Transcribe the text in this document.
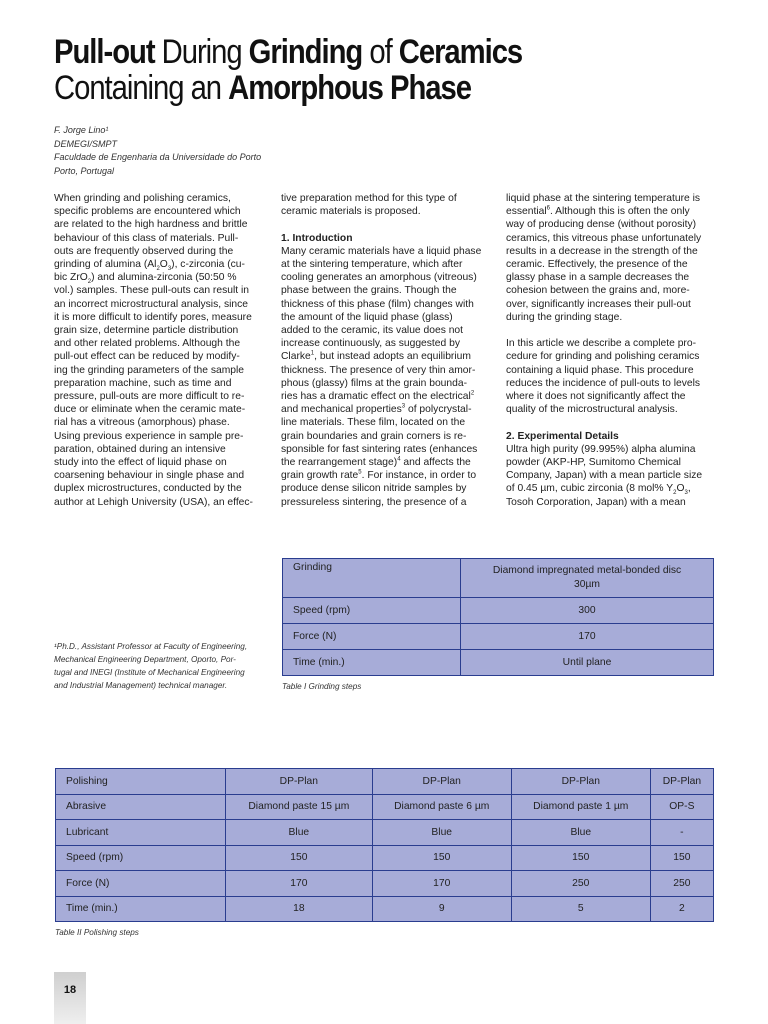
Pull-out During Grinding of Ceramics
Containing an Amorphous Phase
F. Jorge Lino¹
DEMEGI/SMPT
Faculdade de Engenharia da Universidade do Porto
Porto, Portugal

When grinding and polishing ceramics,
specific problems are encountered which
are related to the high hardness and brittle
behaviour of this class of materials. Pull-
outs are frequently observed during the
grinding of alumina $(Al_2O_3)$, c-zirconia (cu-
bic ZrO$_2$) and alumina-zirconia (50:50 %
vol.) samples. These pull-outs can result in
an incorrect microstructural analysis, since
it is more difficult to identify pores, measure
grain size, determine particle distribution
and other related problems. Although the
pull-out effect can be reduced by modify-
ing the grinding parameters of the sample
preparation machine, such as time and
pressure, pull-outs are more difficult to re-
duce or eliminate when the ceramic mate-
rial has a vitreous (amorphous) phase.
Using previous experience in sample pre-
paration, obtained during an intensive
study into the effect of liquid phase on
coarsening behaviour in single phase and
duplex microstructures, conducted by the
author at Lehigh University (USA), an effec-

tive preparation method for this type of
ceramic materials is proposed.

1. Introduction

Many ceramic materials have a liquid phase
at the sintering temperature, which after
cooling generates an amorphous (vitreous)
phase between the grains. Though the
thickness of this phase (film) changes with
the amount of the liquid phase (glass)
added to the ceramic, its value does not
increase continuously, as suggested by
Clarke$^1$, but instead adopts an equilibrium
thickness. The presence of very thin amor-
phous (glassy) films at the grain bounda-
ries has a dramatic effect on the electrical$^2$
and mechanical properties$^3$ of polycrystal-
line materials. These film, located on the
grain boundaries and grain corners is re-
sponsible for fast sintering rates (enhances
the rearrangement stage)$^4$ and affects the
grain growth rate$^5$. For instance, in order to
produce dense silicon nitride samples by
pressureless sintering, the presence of a

liquid phase at the sintering temperature is
essential$^6$. Although this is often the only
way of producing dense (without porosity)
ceramics, this vitreous phase unfortunately
results in a decrease in the strength of the
ceramic. Effectively, the presence of the
glassy phase in a sample decreases the
cohesion between the grains and, more-
over, significantly increases their pull-out
during the grinding stage.

In this article we describe a complete pro-
cedure for grinding and polishing ceramics
containing a liquid phase. This procedure
reduces the incidence of pull-outs to levels
where it does not significantly affect the
quality of the microstructural analysis.

2. Experimental Details

Ultra high purity (99.995%) alpha alumina
powder (AKP-HP, Sumitomo Chemical
Company, Japan) with a mean particle size
of 0.45 µm, cubic zirconia (8 mol% $Y_2O_3$,
Tosoh Corporation, Japan) with a mean

Grinding	Diamond impregnated metal-bonded disc
30µm
Speed (rpm)	300
Force (N)	170
Time (min.)	Until plane
Table I Grinding steps
¹Ph.D., Assistant Professor at Faculty of Engineering,
Mechanical Engineering Department, Oporto, Por-
tugal and INEGI (Institute of Mechanical Engineering
and Industrial Management) technical manager.
Polishing	DP-Plan	DP-Plan	DP-Plan	DP-Plan
Abrasive	Diamond paste 15 µm	Diamond paste 6 µm	Diamond paste 1 µm	OP-S
Lubricant	Blue	Blue	Blue	-
Speed (rpm)	150	150	150	150
Force (N)	170	170	250	250
Time (min.)	18	9	5	2
Table II Polishing steps
18
